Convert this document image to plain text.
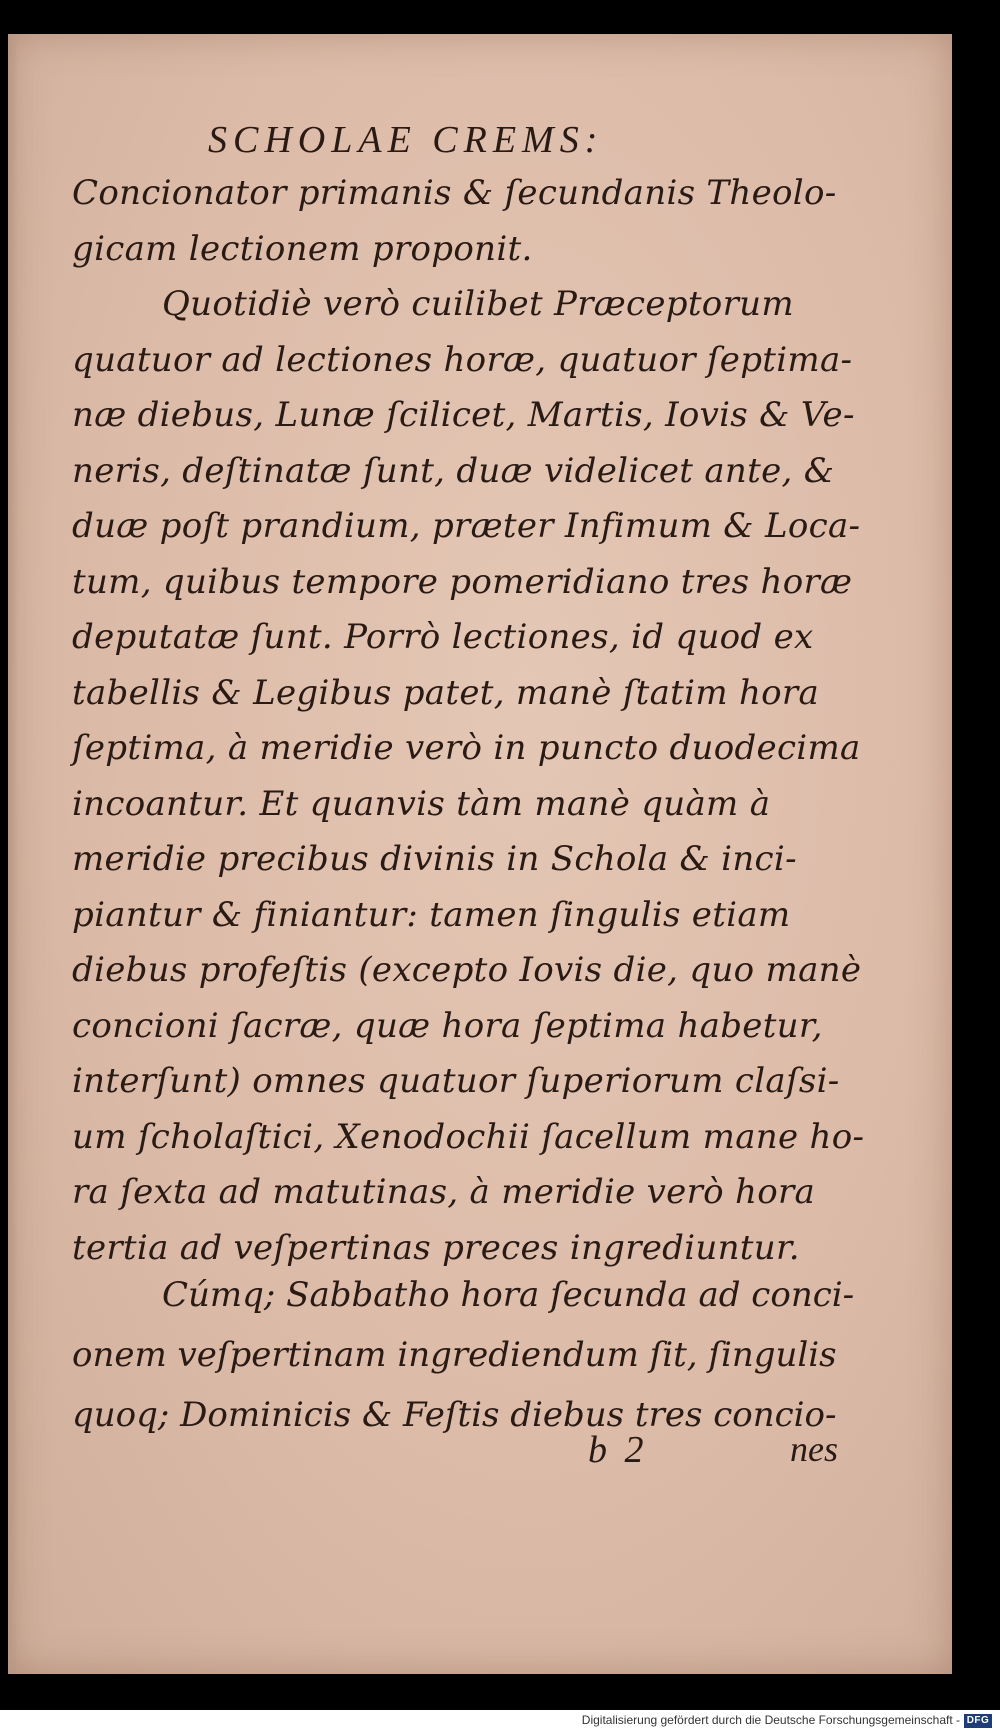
SCHOLAE CREMS:
Concionator primanis & ſecundanis Theolo-
gicam lectionem proponit.
Quotidiè verò cuilibet Præceptorum
quatuor ad lectiones horæ, quatuor ſeptima-
næ diebus, Lunæ ſcilicet, Martis, Iovis & Ve-
neris, deſtinatæ ſunt, duæ videlicet ante, &
duæ poſt prandium, præter Infimum & Loca-
tum, quibus tempore pomeridiano tres horæ
deputatæ ſunt. Porrò lectiones, id quod ex
tabellis & Legibus patet, manè ſtatim hora
ſeptima, à meridie verò in puncto duodecima
incoantur. Et quanvis tàm manè quàm à
meridie precibus divinis in Schola & inci-
piantur & finiantur: tamen ſingulis etiam
diebus profeſtis (excepto Iovis die, quo manè
concioni ſacræ, quæ hora ſeptima habetur,
interſunt) omnes quatuor ſuperiorum claſsi-
um ſcholaſtici, Xenodochii ſacellum mane ho-
ra ſexta ad matutinas, à meridie verò hora
tertia ad veſpertinas preces ingrediuntur.
Cúmq; Sabbatho hora ſecunda ad conci-
onem veſpertinam ingrediendum ſit, ſingulis
quoq; Dominicis & Feſtis diebus tres concio-
b 2	nes
Digitalisierung gefördert durch die Deutsche Forschungsgemeinschaft - DFG
